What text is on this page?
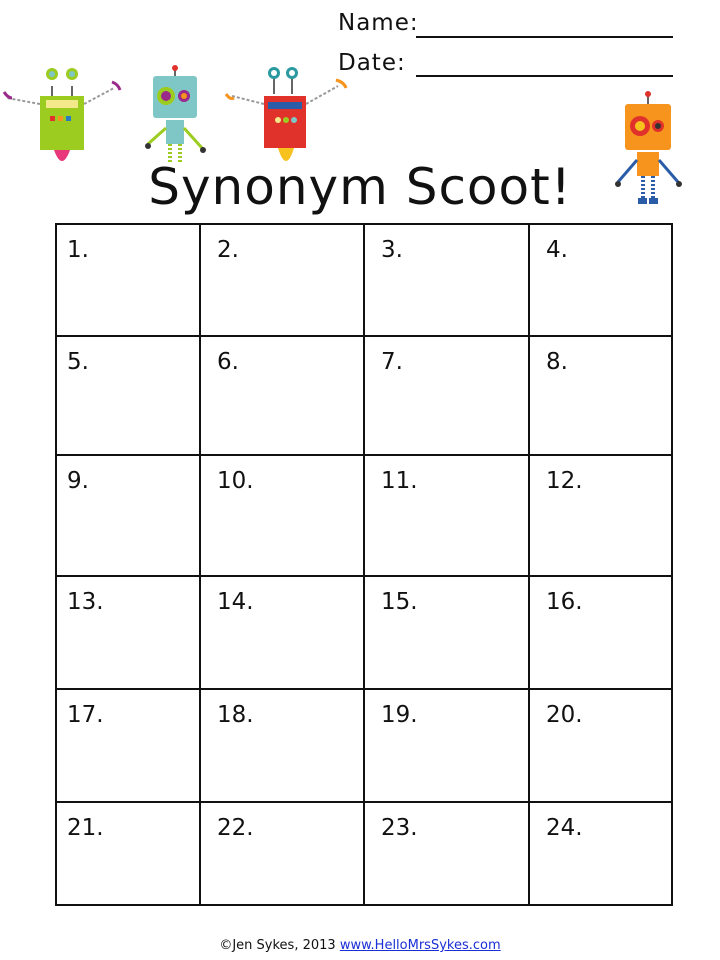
Name:
Date:
Synonym Scoot!
1.	2.	3.	4.
5.	6.	7.	8.
9.	10.	11.	12.
13.	14.	15.	16.
17.	18.	19.	20.
21.	22.	23.	24.
©Jen Sykes, 2013 www.HelloMrsSykes.com
